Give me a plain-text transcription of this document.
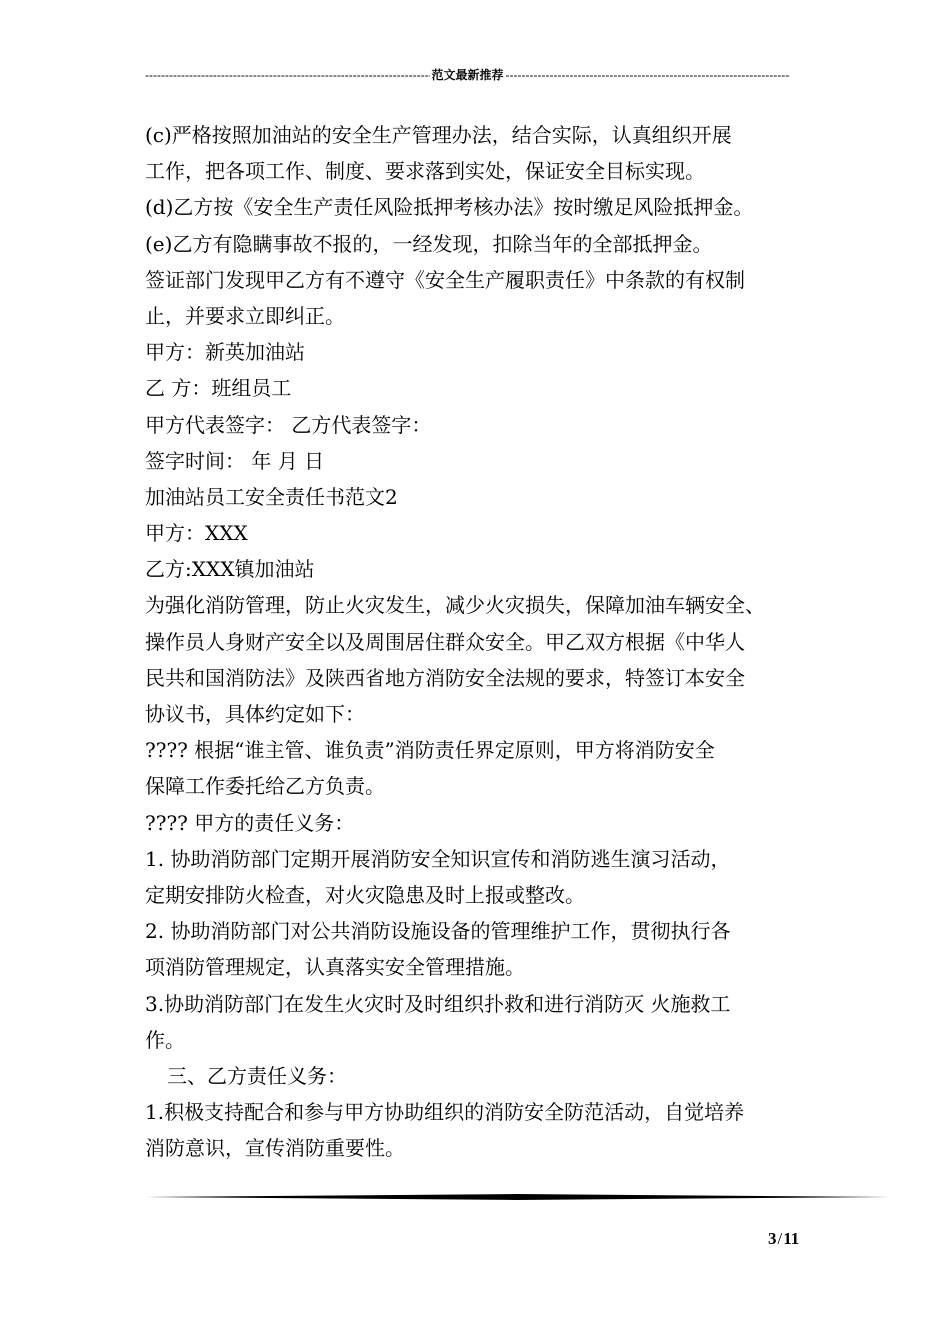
-----
范文最新推荐
-----
(c)严格按照加油站的安全生产管理办法，结合实际，认真组织开展
工作，把各项工作、制度、要求落到实处，保证安全目标实现。
(d)乙方按《安全生产责任风险抵押考核办法》按时缴足风险抵押金。
(e)乙方有隐瞒事故不报的，一经发现，扣除当年的全部抵押金。
签证部门发现甲乙方有不遵守《安全生产履职责任》中条款的有权制
止，并要求立即纠正。
甲方：新英加油站
乙 方：班组员工
甲方代表签字： 乙方代表签字：
签字时间： 年 月 日
加油站员工安全责任书范文2
甲方：XXX
乙方:XXX镇加油站
为强化消防管理，防止火灾发生，减少火灾损失，保障加油车辆安全、
操作员人身财产安全以及周围居住群众安全。甲乙双方根据《中华人
民共和国消防法》及陕西省地方消防安全法规的要求，特签订本安全
协议书，具体约定如下：
???? 根据“谁主管、谁负责”消防责任界定原则，甲方将消防安全
保障工作委托给乙方负责。
???? 甲方的责任义务：
1. 协助消防部门定期开展消防安全知识宣传和消防逃生演习活动，
定期安排防火检查，对火灾隐患及时上报或整改。
2. 协助消防部门对公共消防设施设备的管理维护工作，贯彻执行各
项消防管理规定，认真落实安全管理措施。
3.协助消防部门在发生火灾时及时组织扑救和进行消防灭 火施救工
作。
三、乙方责任义务：
1.积极支持配合和参与甲方协助组织的消防安全防范活动，自觉培养
消防意识，宣传消防重要性。
3/11
